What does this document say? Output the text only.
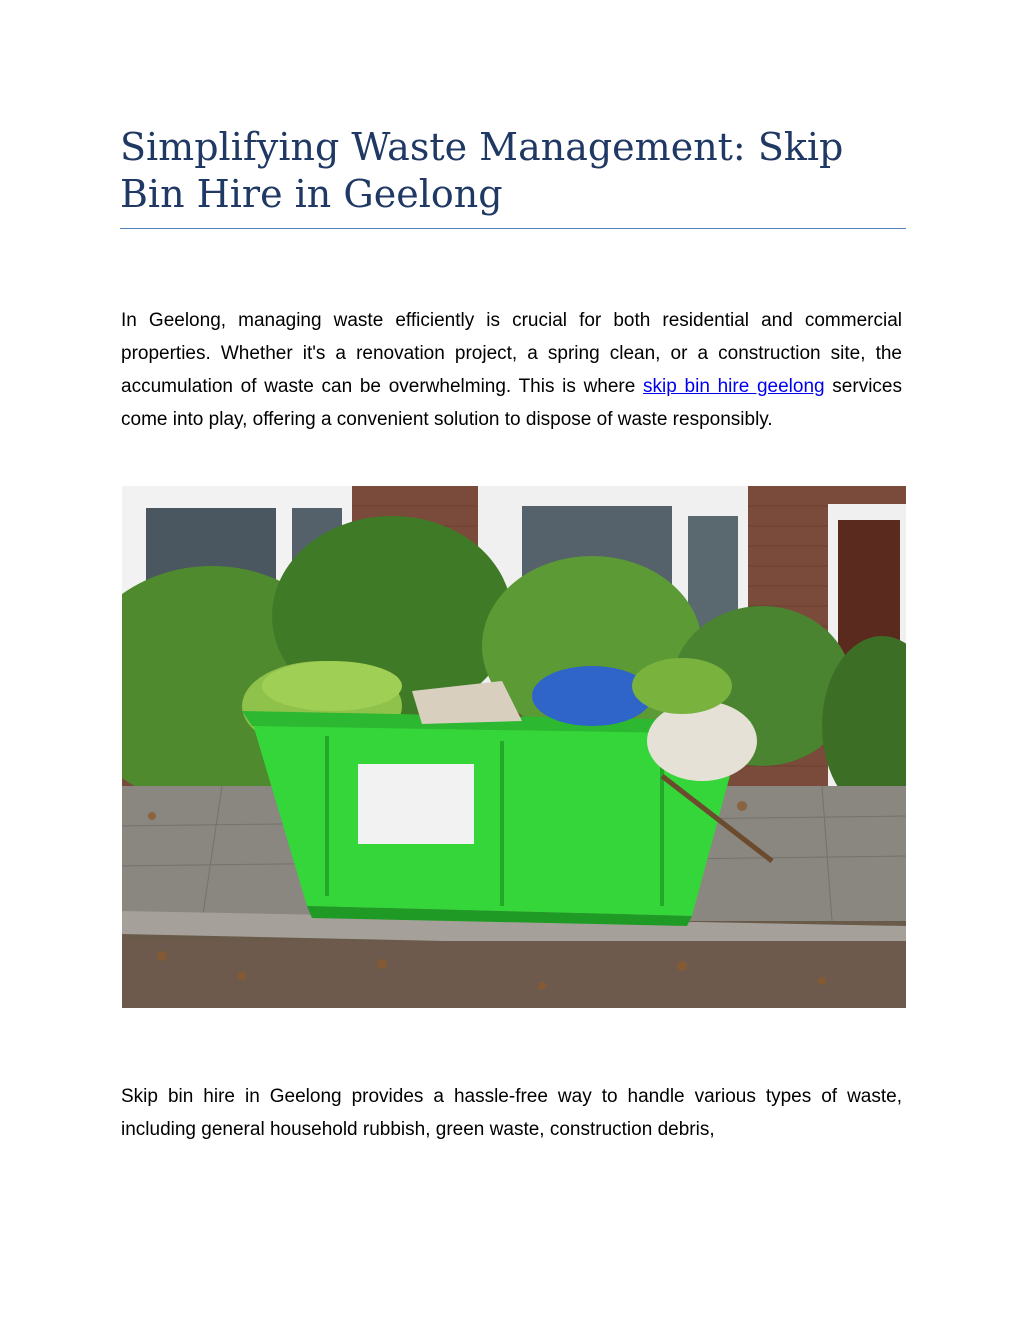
Simplifying Waste Management: Skip Bin Hire in Geelong

In Geelong, managing waste efficiently is crucial for both residential and commercial properties. Whether it's a renovation project, a spring clean, or a construction site, the accumulation of waste can be overwhelming. This is where skip bin hire geelong services come into play, offering a convenient solution to dispose of waste responsibly.

Skip bin hire in Geelong provides a hassle-free way to handle various types of waste, including general household rubbish, green waste, construction debris,
